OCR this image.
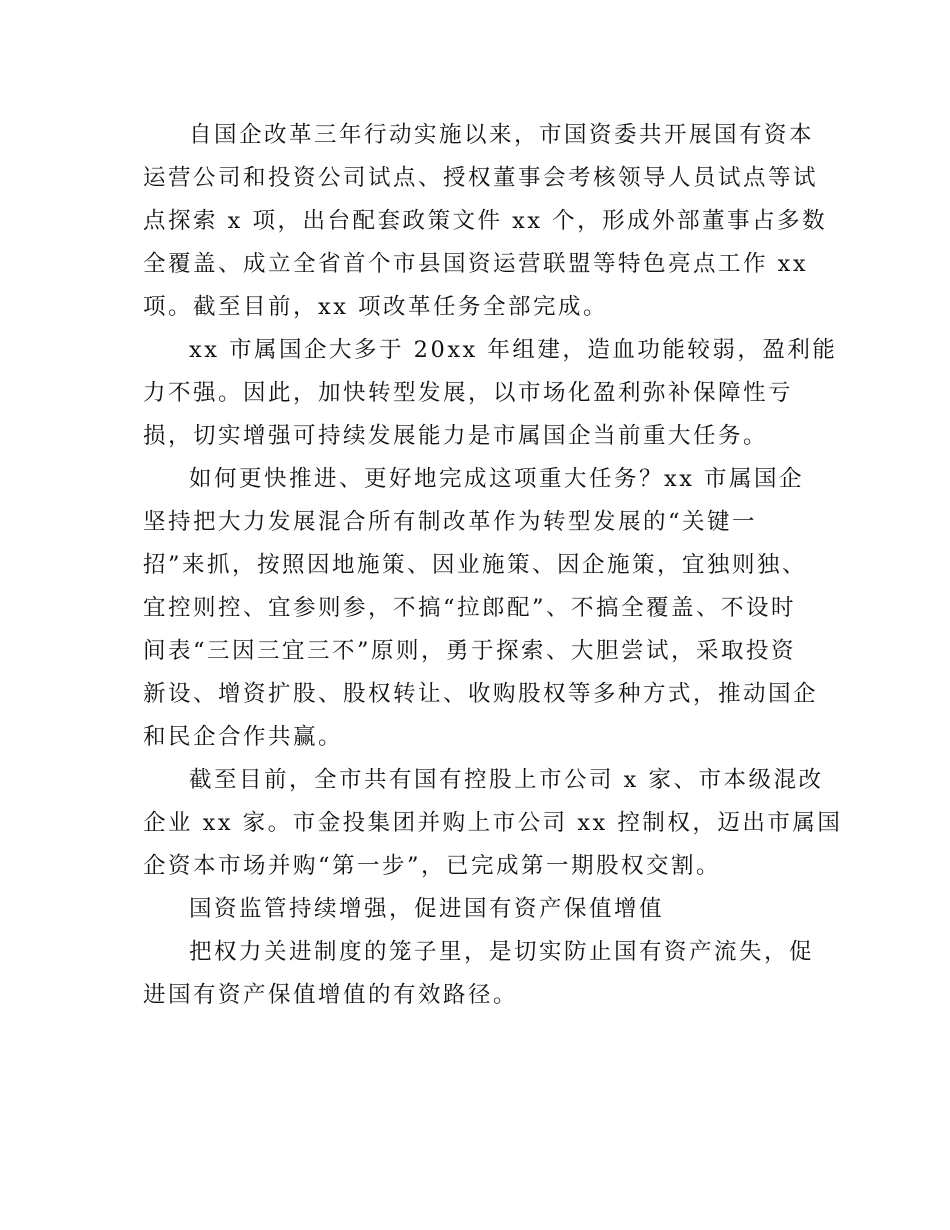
自国企改革三年行动实施以来，市国资委共开展国有资本
运营公司和投资公司试点、授权董事会考核领导人员试点等试
点探索 x 项，出台配套政策文件 xx 个，形成外部董事占多数
全覆盖、成立全省首个市县国资运营联盟等特色亮点工作 xx
项。截至目前，xx 项改革任务全部完成。
xx 市属国企大多于 20xx 年组建，造血功能较弱，盈利能
力不强。因此，加快转型发展，以市场化盈利弥补保障性亏
损，切实增强可持续发展能力是市属国企当前重大任务。
如何更快推进、更好地完成这项重大任务？xx 市属国企
坚持把大力发展混合所有制改革作为转型发展的“关键一
招”来抓，按照因地施策、因业施策、因企施策，宜独则独、
宜控则控、宜参则参，不搞“拉郎配”、不搞全覆盖、不设时
间表“三因三宜三不”原则，勇于探索、大胆尝试，采取投资
新设、增资扩股、股权转让、收购股权等多种方式，推动国企
和民企合作共赢。
截至目前，全市共有国有控股上市公司 x 家、市本级混改
企业 xx 家。市金投集团并购上市公司 xx 控制权，迈出市属国
企资本市场并购“第一步”，已完成第一期股权交割。
国资监管持续增强，促进国有资产保值增值
把权力关进制度的笼子里，是切实防止国有资产流失，促
进国有资产保值增值的有效路径。
